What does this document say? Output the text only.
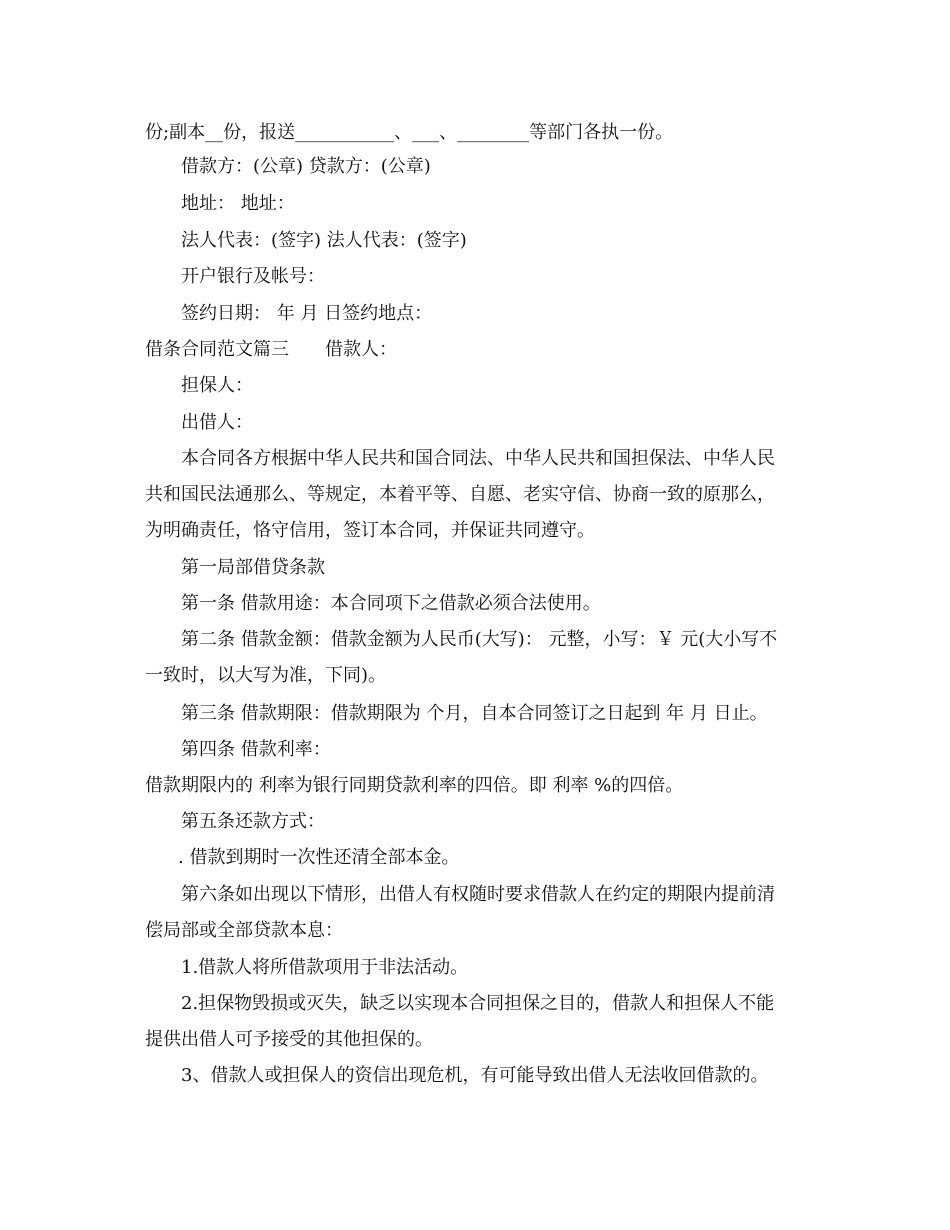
份;副本__份，报送___________、___、________等部门各执一份。
借款方：(公章) 贷款方：(公章)
地址： 地址：
法人代表：(签字) 法人代表：(签字)
开户银行及帐号：
签约日期： 年 月 日签约地点：
借条合同范文篇三　　借款人：
担保人：
出借人：
本合同各方根据中华人民共和国合同法、中华人民共和国担保法、中华人民
共和国民法通那么、等规定，本着平等、自愿、老实守信、协商一致的原那么，
为明确责任，恪守信用，签订本合同，并保证共同遵守。
第一局部借贷条款
第一条 借款用途：本合同项下之借款必须合法使用。
第二条 借款金额：借款金额为人民币(大写)： 元整，小写：￥ 元(大小写不
一致时，以大写为准，下同)。
第三条 借款期限：借款期限为 个月，自本合同签订之日起到 年 月 日止。
第四条 借款利率：
借款期限内的 利率为银行同期贷款利率的四倍。即 利率 %的四倍。
第五条还款方式：
. 借款到期时一次性还清全部本金。
第六条如出现以下情形，出借人有权随时要求借款人在约定的期限内提前清
偿局部或全部贷款本息：
1.借款人将所借款项用于非法活动。
2.担保物毁损或灭失，缺乏以实现本合同担保之目的，借款人和担保人不能
提供出借人可予接受的其他担保的。
3、借款人或担保人的资信出现危机，有可能导致出借人无法收回借款的。
